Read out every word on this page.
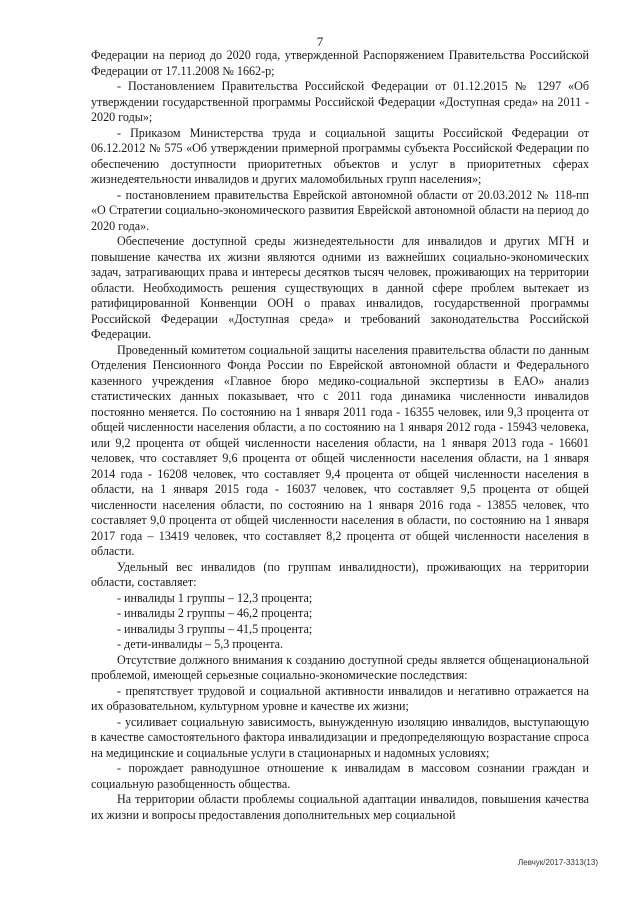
7

Федерации на период до 2020 года, утвержденной Распоряжением Правительства Российской Федерации от 17.11.2008 № 1662-р;

- Постановлением Правительства Российской Федерации от 01.12.2015 № 1297 «Об утверждении государственной программы Российской Федерации «Доступная среда» на 2011 - 2020 годы»;

- Приказом Министерства труда и социальной защиты Российской Федерации от 06.12.2012 № 575 «Об утверждении примерной программы субъекта Российской Федерации по обеспечению доступности приоритетных объектов и услуг в приоритетных сферах жизнедеятельности инвалидов и других маломобильных групп населения»;

- постановлением правительства Еврейской автономной области от 20.03.2012 № 118-пп «О Стратегии социально-экономического развития Еврейской автономной области на период до 2020 года».

Обеспечение доступной среды жизнедеятельности для инвалидов и других МГН и повышение качества их жизни являются одними из важнейших социально-экономических задач, затрагивающих права и интересы десятков тысяч человек, проживающих на территории области. Необходимость решения существующих в данной сфере проблем вытекает из ратифицированной Конвенции ООН о правах инвалидов, государственной программы Российской Федерации «Доступная среда» и требований законодательства Российской Федерации.

Проведенный комитетом социальной защиты населения правительства области по данным Отделения Пенсионного Фонда России по Еврейской автономной области и Федерального казенного учреждения «Главное бюро медико-социальной экспертизы в ЕАО» анализ статистических данных показывает, что с 2011 года динамика численности инвалидов постоянно меняется. По состоянию на 1 января 2011 года - 16355 человек, или 9,3 процента от общей численности населения области, а по состоянию на 1 января 2012 года - 15943 человека, или 9,2 процента от общей численности населения области, на 1 января 2013 года - 16601 человек, что составляет 9,6 процента от общей численности населения области, на 1 января 2014 года - 16208 человек, что составляет 9,4 процента от общей численности населения в области, на 1 января 2015 года - 16037 человек, что составляет 9,5 процента от общей численности населения области, по состоянию на 1 января 2016 года - 13855 человек, что составляет 9,0 процента от общей численности населения в области, по состоянию на 1 января 2017 года – 13419 человек, что составляет 8,2 процента от общей численности населения в области.

Удельный вес инвалидов (по группам инвалидности), проживающих на территории области, составляет:

- инвалиды 1 группы – 12,3 процента;

- инвалиды 2 группы – 46,2 процента;

- инвалиды 3 группы – 41,5 процента;

- дети-инвалиды – 5,3 процента.

Отсутствие должного внимания к созданию доступной среды является общенациональной проблемой, имеющей серьезные социально-экономические последствия:

- препятствует трудовой и социальной активности инвалидов и негативно отражается на их образовательном, культурном уровне и качестве их жизни;

- усиливает социальную зависимость, вынужденную изоляцию инвалидов, выступающую в качестве самостоятельного фактора инвалидизации и предопределяющую возрастание спроса на медицинские и социальные услуги в стационарных и надомных условиях;

- порождает равнодушное отношение к инвалидам в массовом сознании граждан и социальную разобщенность общества.

На территории области проблемы социальной адаптации инвалидов, повышения качества их жизни и вопросы предоставления дополнительных мер социальной

Левчук/2017-3313(13)
